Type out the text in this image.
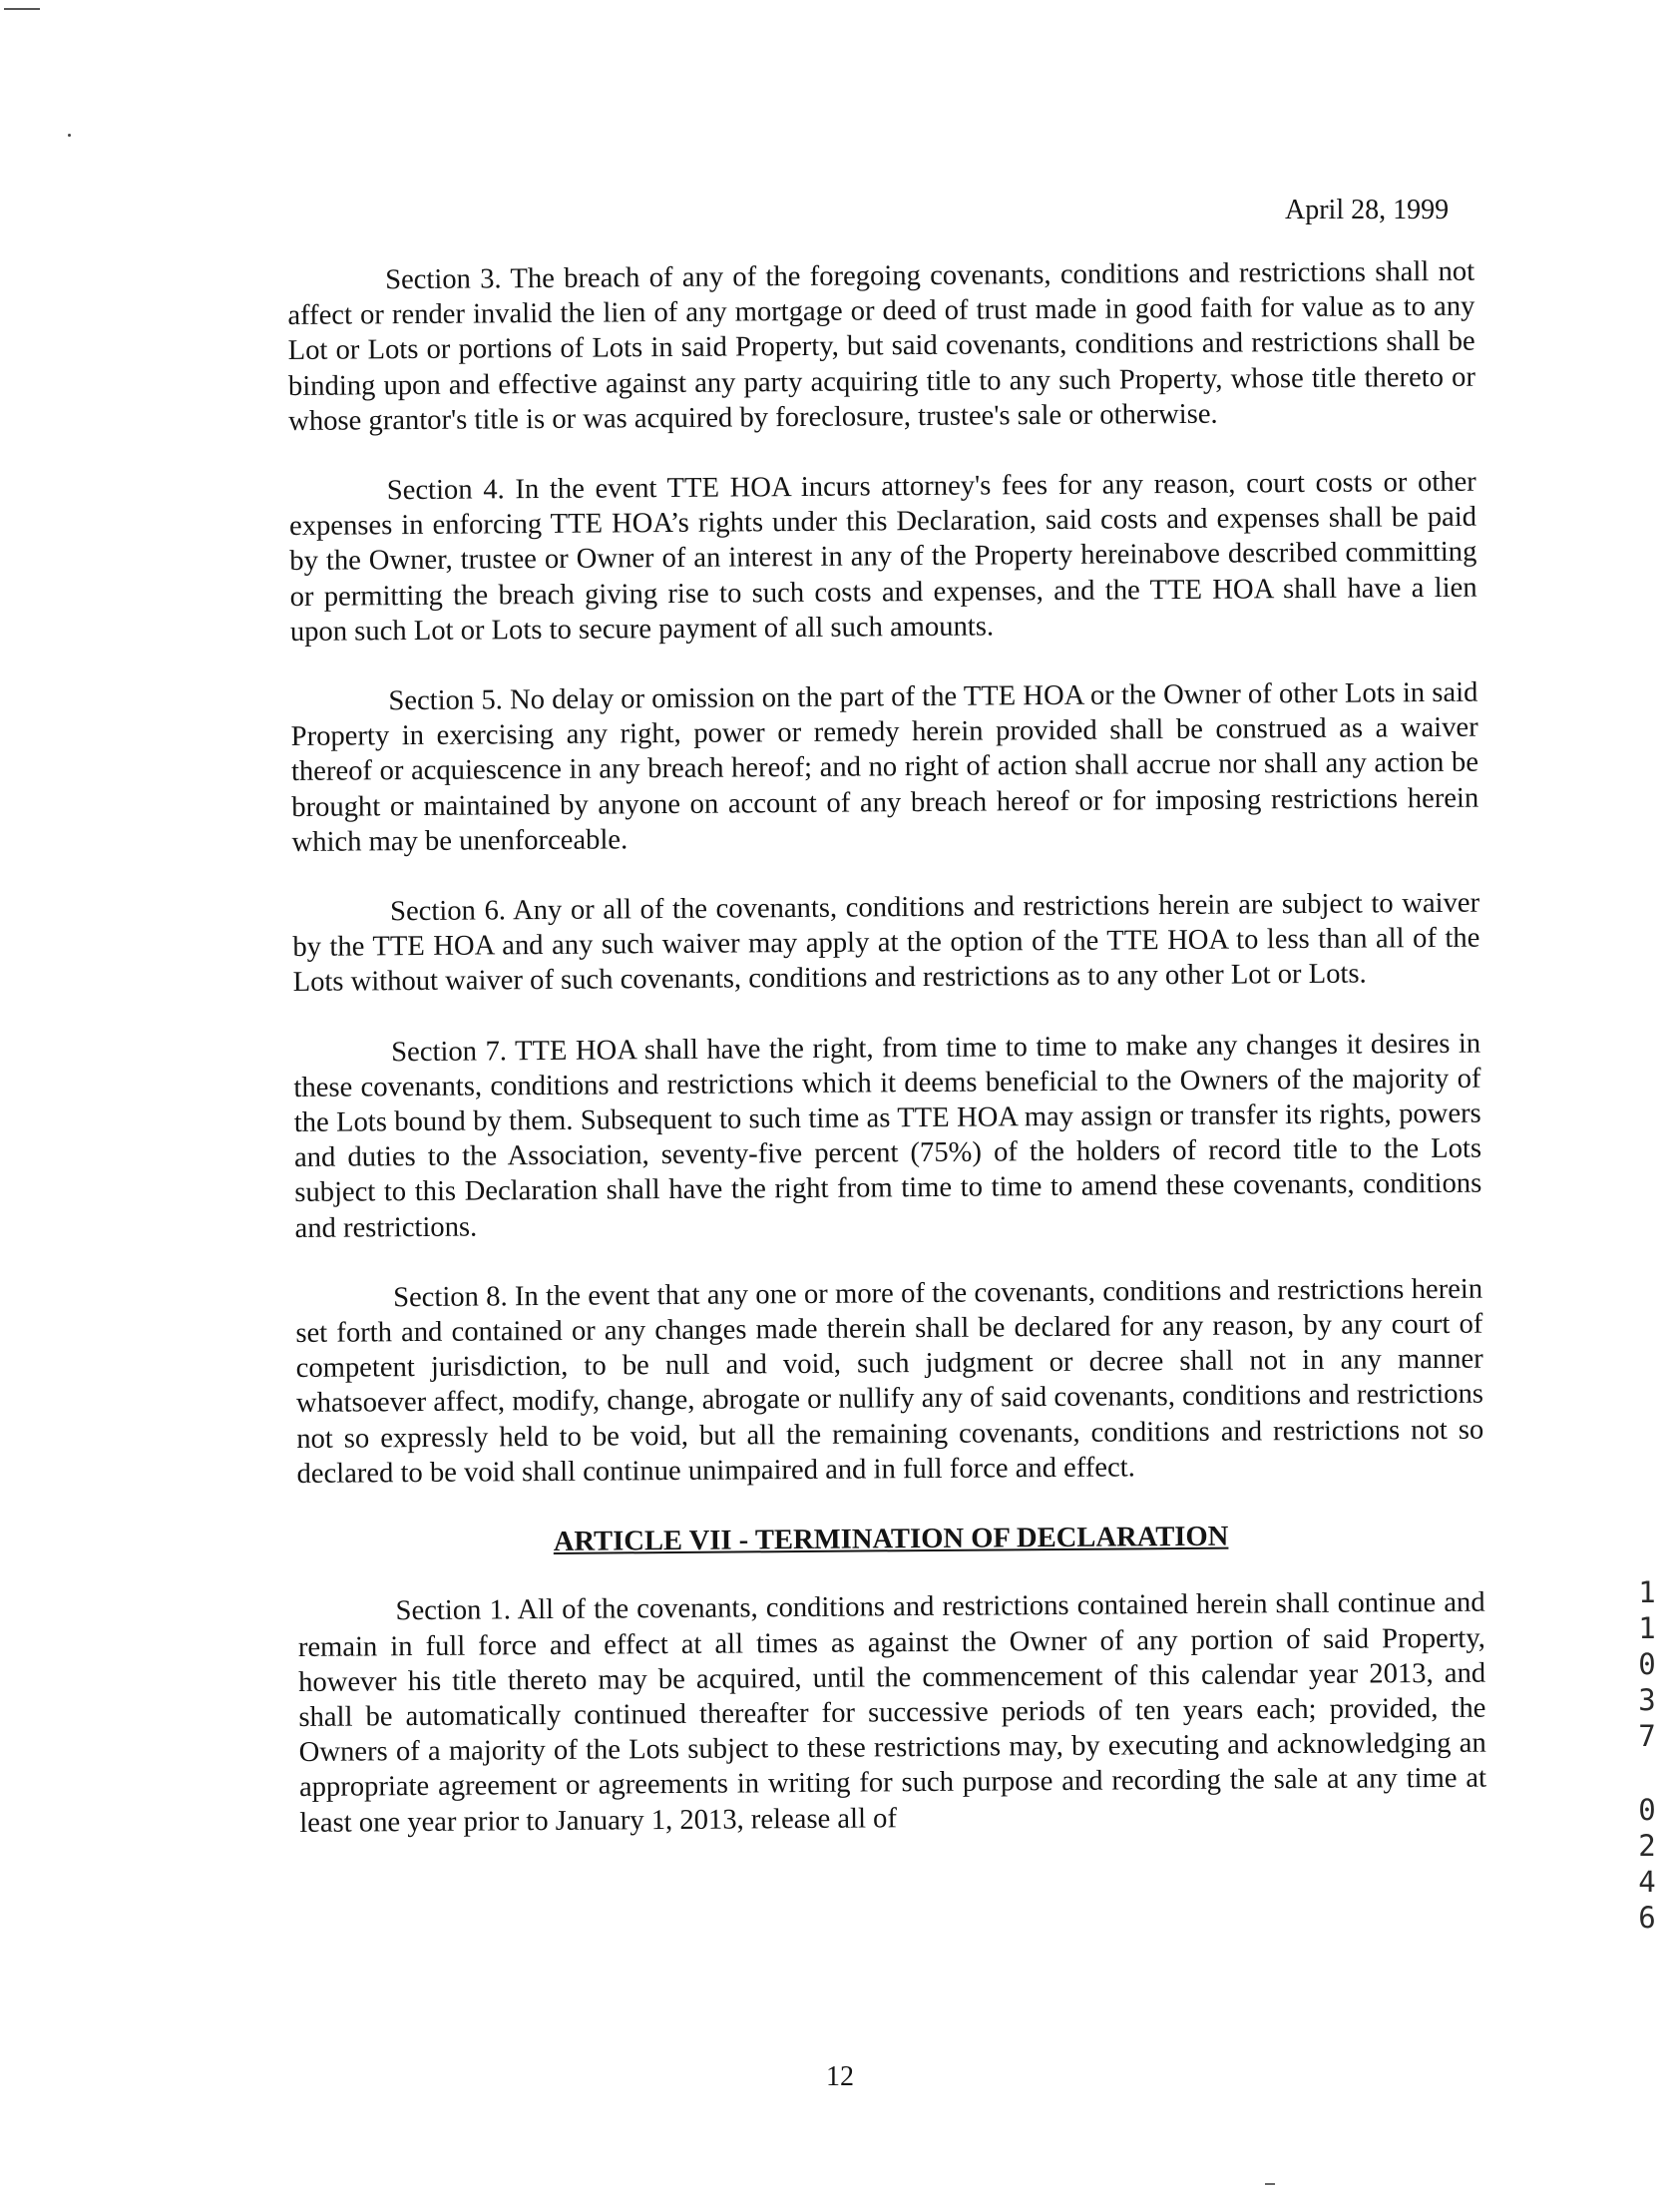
April 28, 1999

Section 3. The breach of any of the foregoing covenants, conditions and restrictions shall not affect or render invalid the lien of any mortgage or deed of trust made in good faith for value as to any Lot or Lots or portions of Lots in said Property, but said covenants, conditions and restrictions shall be binding upon and effective against any party acquiring title to any such Property, whose title thereto or whose grantor's title is or was acquired by foreclosure, trustee's sale or otherwise.

Section 4. In the event TTE HOA incurs attorney's fees for any reason, court costs or other expenses in enforcing TTE HOA’s rights under this Declaration, said costs and expenses shall be paid by the Owner, trustee or Owner of an interest in any of the Property hereinabove described committing or permitting the breach giving rise to such costs and expenses, and the TTE HOA shall have a lien upon such Lot or Lots to secure payment of all such amounts.

Section 5. No delay or omission on the part of the TTE HOA or the Owner of other Lots in said Property in exercising any right, power or remedy herein provided shall be construed as a waiver thereof or acquiescence in any breach hereof; and no right of action shall accrue nor shall any action be brought or maintained by anyone on account of any breach hereof or for imposing restrictions herein which may be unenforceable.

Section 6. Any or all of the covenants, conditions and restrictions herein are subject to waiver by the TTE HOA and any such waiver may apply at the option of the TTE HOA to less than all of the Lots without waiver of such covenants, conditions and restrictions as to any other Lot or Lots.

Section 7. TTE HOA shall have the right, from time to time to make any changes it desires in these covenants, conditions and restrictions which it deems beneficial to the Owners of the majority of the Lots bound by them. Subsequent to such time as TTE HOA may assign or transfer its rights, powers and duties to the Association, seventy-five percent (75%) of the holders of record title to the Lots subject to this Declaration shall have the right from time to time to amend these covenants, conditions and restrictions.

Section 8. In the event that any one or more of the covenants, conditions and restrictions herein set forth and contained or any changes made therein shall be declared for any reason, by any court of competent jurisdiction, to be null and void, such judgment or decree shall not in any manner whatsoever affect, modify, change, abrogate or nullify any of said covenants, conditions and restrictions not so expressly held to be void, but all the remaining covenants, conditions and restrictions not so declared to be void shall continue unimpaired and in full force and effect.

ARTICLE VII - TERMINATION OF DECLARATION

Section 1. All of the covenants, conditions and restrictions contained herein shall continue and remain in full force and effect at all times as against the Owner of any portion of said Property, however his title thereto may be acquired, until the commencement of this calendar year 2013, and shall be automatically continued thereafter for successive periods of ten years each; provided, the Owners of a majority of the Lots subject to these restrictions may, by executing and acknowledging an appropriate agreement or agreements in writing for such purpose and recording the sale at any time at least one year prior to January 1, 2013, release all of

1
1
0
3
7
0
2
4
6
12
